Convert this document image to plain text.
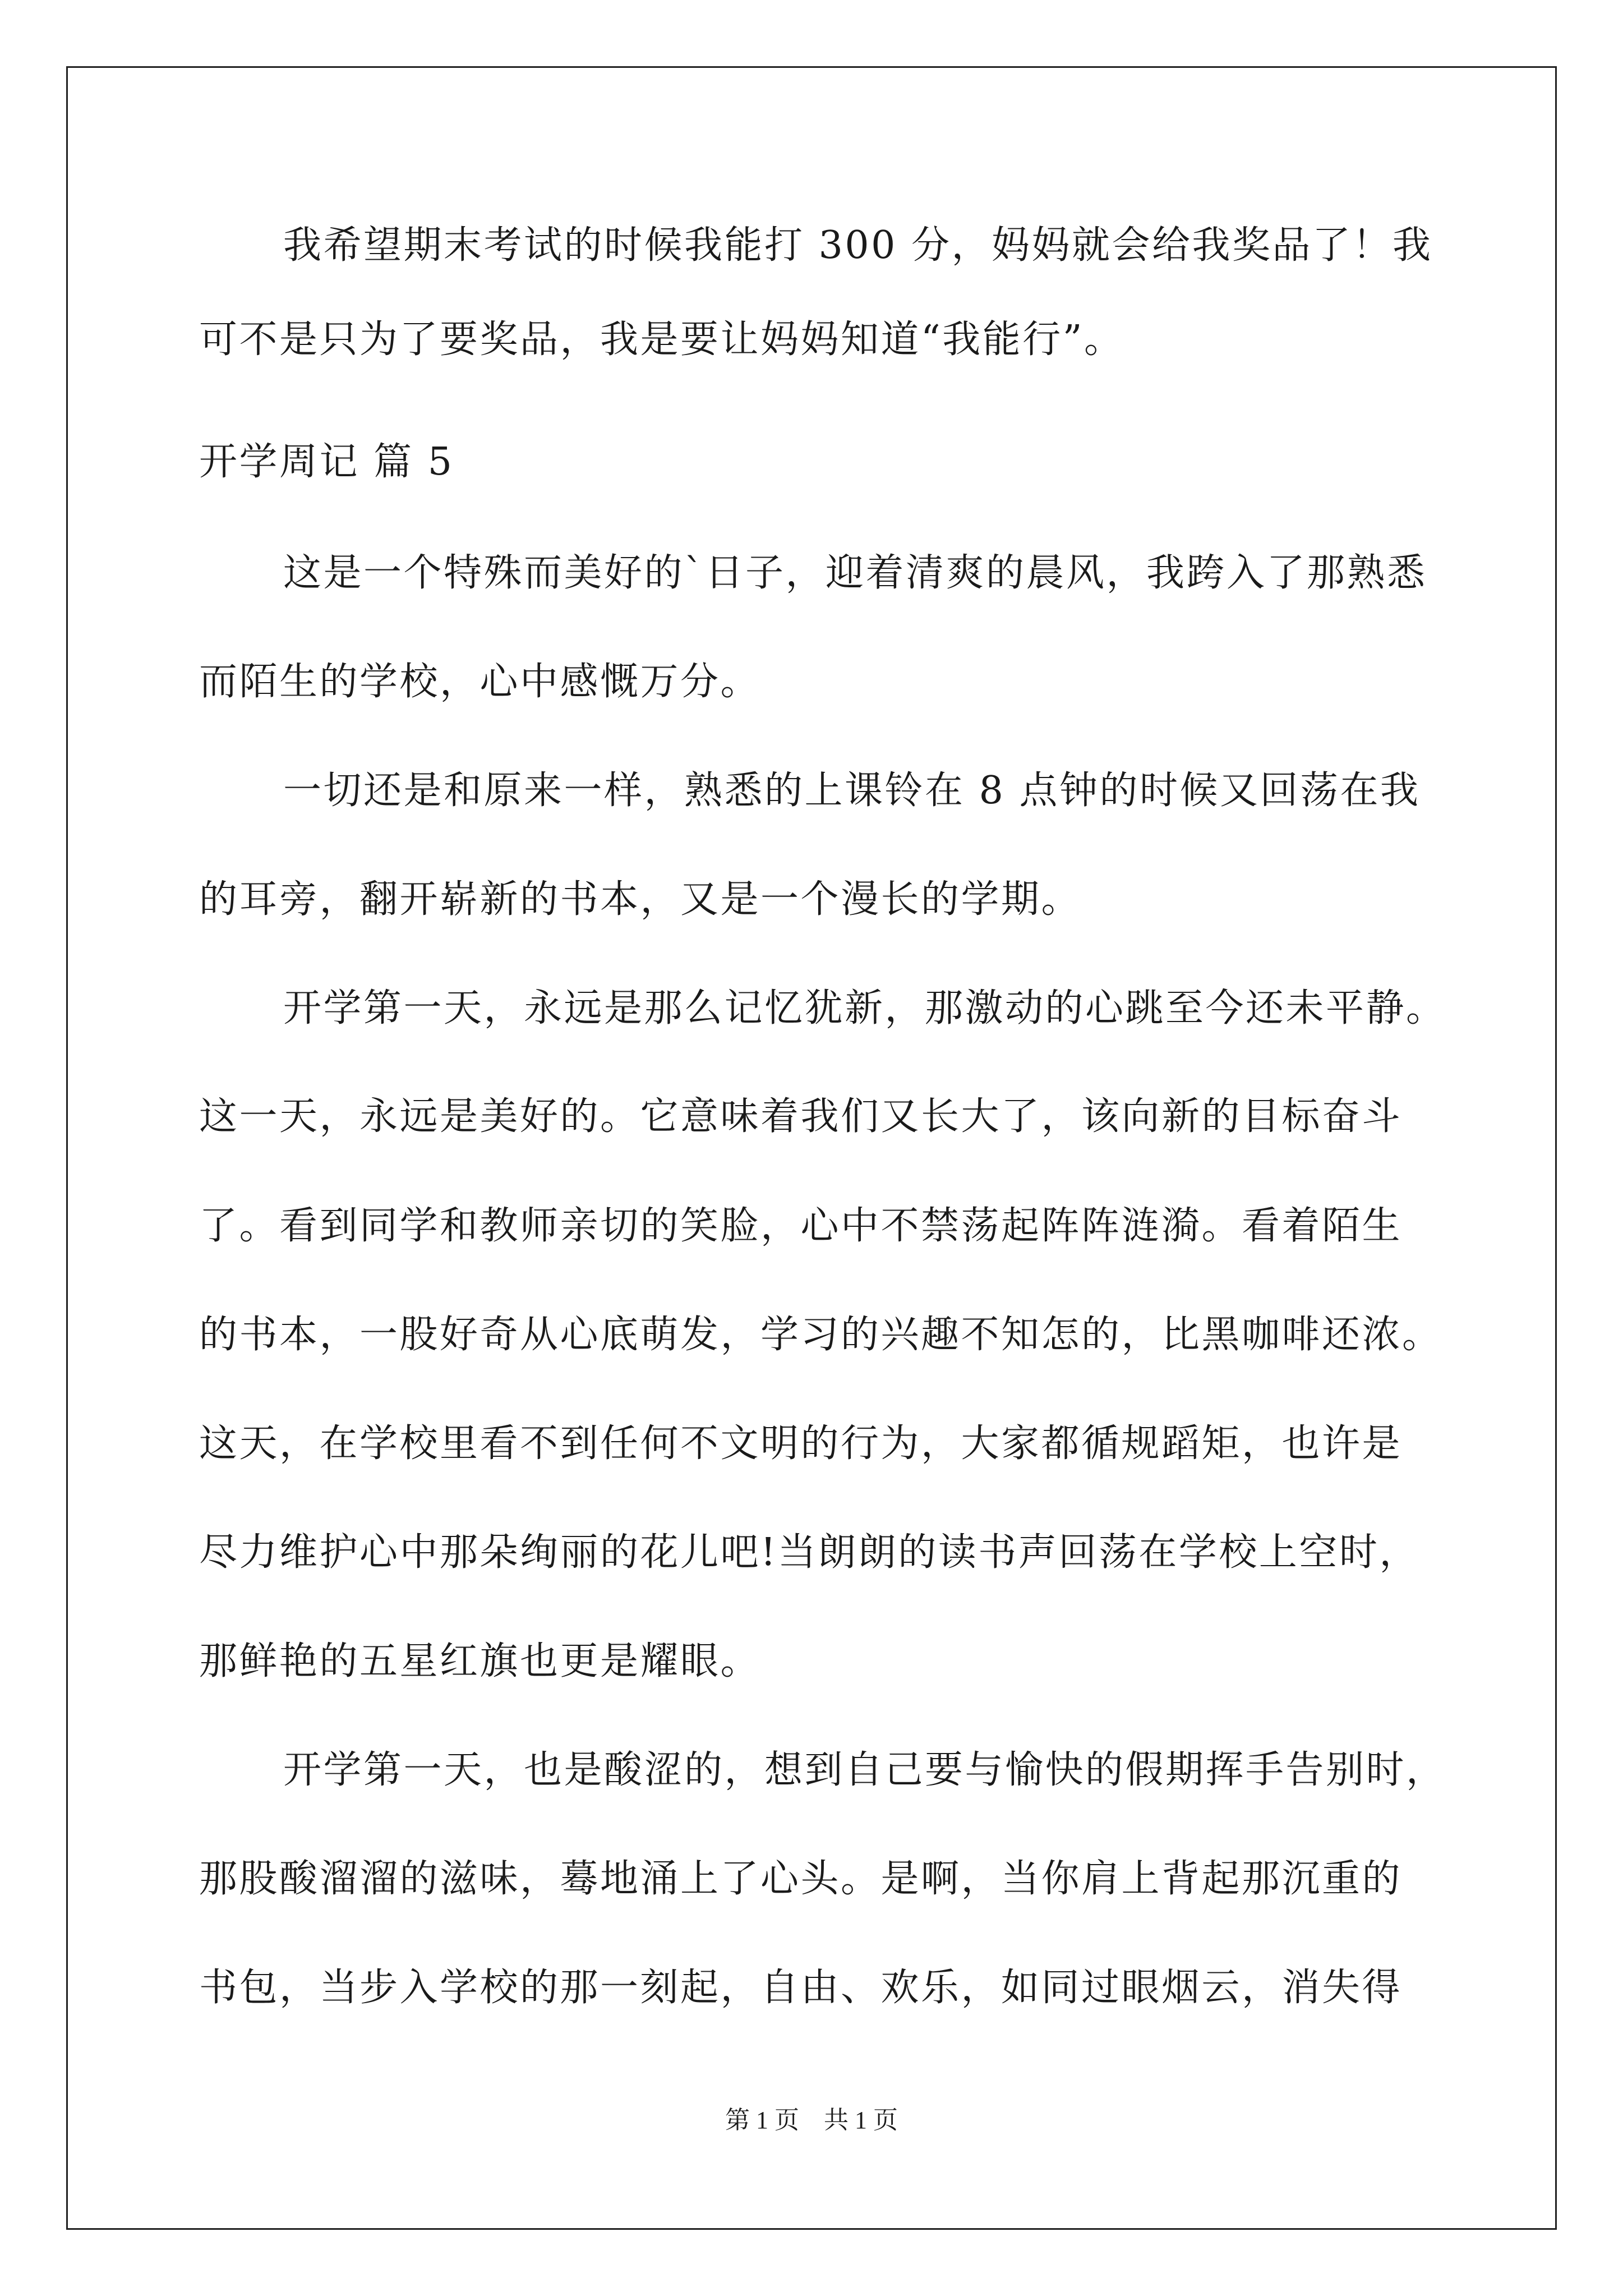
我希望期末考试的时候我能打 300 分，妈妈就会给我奖品了！我
可不是只为了要奖品，我是要让妈妈知道“我能行”。
开学周记 篇 5
这是一个特殊而美好的`日子，迎着清爽的晨风，我跨入了那熟悉
而陌生的学校，心中感慨万分。
一切还是和原来一样，熟悉的上课铃在 8 点钟的时候又回荡在我
的耳旁，翻开崭新的书本，又是一个漫长的学期。
开学第一天，永远是那么记忆犹新，那激动的心跳至今还未平静。
这一天，永远是美好的。它意味着我们又长大了，该向新的目标奋斗
了。看到同学和教师亲切的笑脸，心中不禁荡起阵阵涟漪。看着陌生
的书本，一股好奇从心底萌发，学习的兴趣不知怎的，比黑咖啡还浓。
这天，在学校里看不到任何不文明的行为，大家都循规蹈矩，也许是
尽力维护心中那朵绚丽的花儿吧!当朗朗的读书声回荡在学校上空时，
那鲜艳的五星红旗也更是耀眼。
开学第一天，也是酸涩的，想到自己要与愉快的假期挥手告别时，
那股酸溜溜的滋味，蓦地涌上了心头。是啊，当你肩上背起那沉重的
书包，当步入学校的那一刻起，自由、欢乐，如同过眼烟云，消失得
第 1 页　共 1 页
